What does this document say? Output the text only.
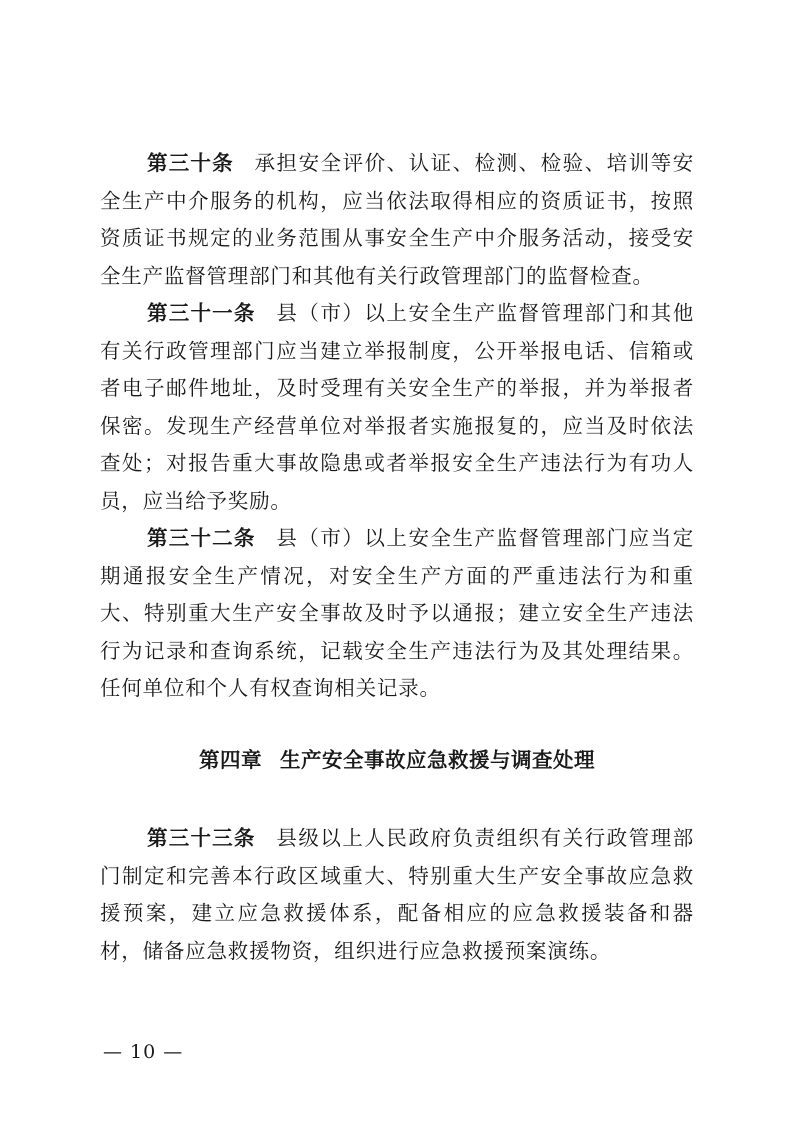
第三十条 承担安全评价、认证、检测、检验、培训等安全生产中介服务的机构，应当依法取得相应的资质证书，按照资质证书规定的业务范围从事安全生产中介服务活动，接受安全生产监督管理部门和其他有关行政管理部门的监督检查。

第三十一条 县（市）以上安全生产监督管理部门和其他有关行政管理部门应当建立举报制度，公开举报电话、信箱或者电子邮件地址，及时受理有关安全生产的举报，并为举报者保密。发现生产经营单位对举报者实施报复的，应当及时依法查处；对报告重大事故隐患或者举报安全生产违法行为有功人员，应当给予奖励。

第三十二条 县（市）以上安全生产监督管理部门应当定期通报安全生产情况，对安全生产方面的严重违法行为和重大、特别重大生产安全事故及时予以通报；建立安全生产违法行为记录和查询系统，记载安全生产违法行为及其处理结果。任何单位和个人有权查询相关记录。

第四章 生产安全事故应急救援与调查处理

第三十三条 县级以上人民政府负责组织有关行政管理部门制定和完善本行政区域重大、特别重大生产安全事故应急救援预案，建立应急救援体系，配备相应的应急救援装备和器材，储备应急救援物资，组织进行应急救援预案演练。

— 10 —
